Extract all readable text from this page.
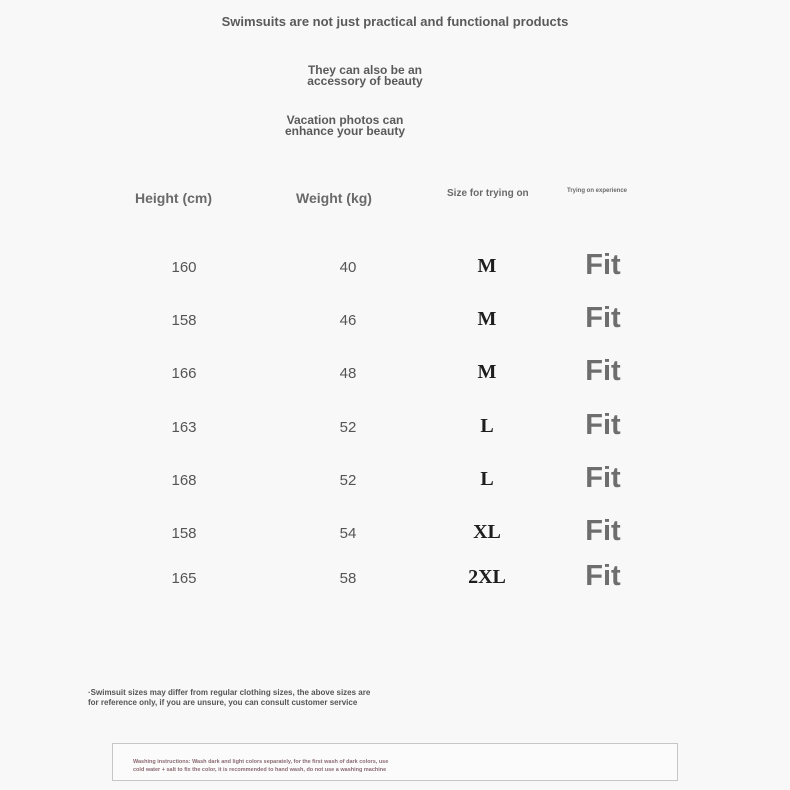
Swimsuits are not just practical and functional products
They can also be an
accessory of beauty
Vacation photos can
enhance your beauty
Height (cm)	Weight (kg)	Size for trying on	Trying on experience
160	40	M	Fit
158	46	M	Fit
166	48	M	Fit
163	52	L	Fit
168	52	L	Fit
158	54	XL	Fit
165	58	2XL	Fit
·Swimsuit sizes may differ from regular clothing sizes, the above sizes are
for reference only, if you are unsure, you can consult customer service
Washing instructions: Wash dark and light colors separately, for the first wash of dark colors, use
cold water + salt to fix the color, it is recommended to hand wash, do not use a washing machine
